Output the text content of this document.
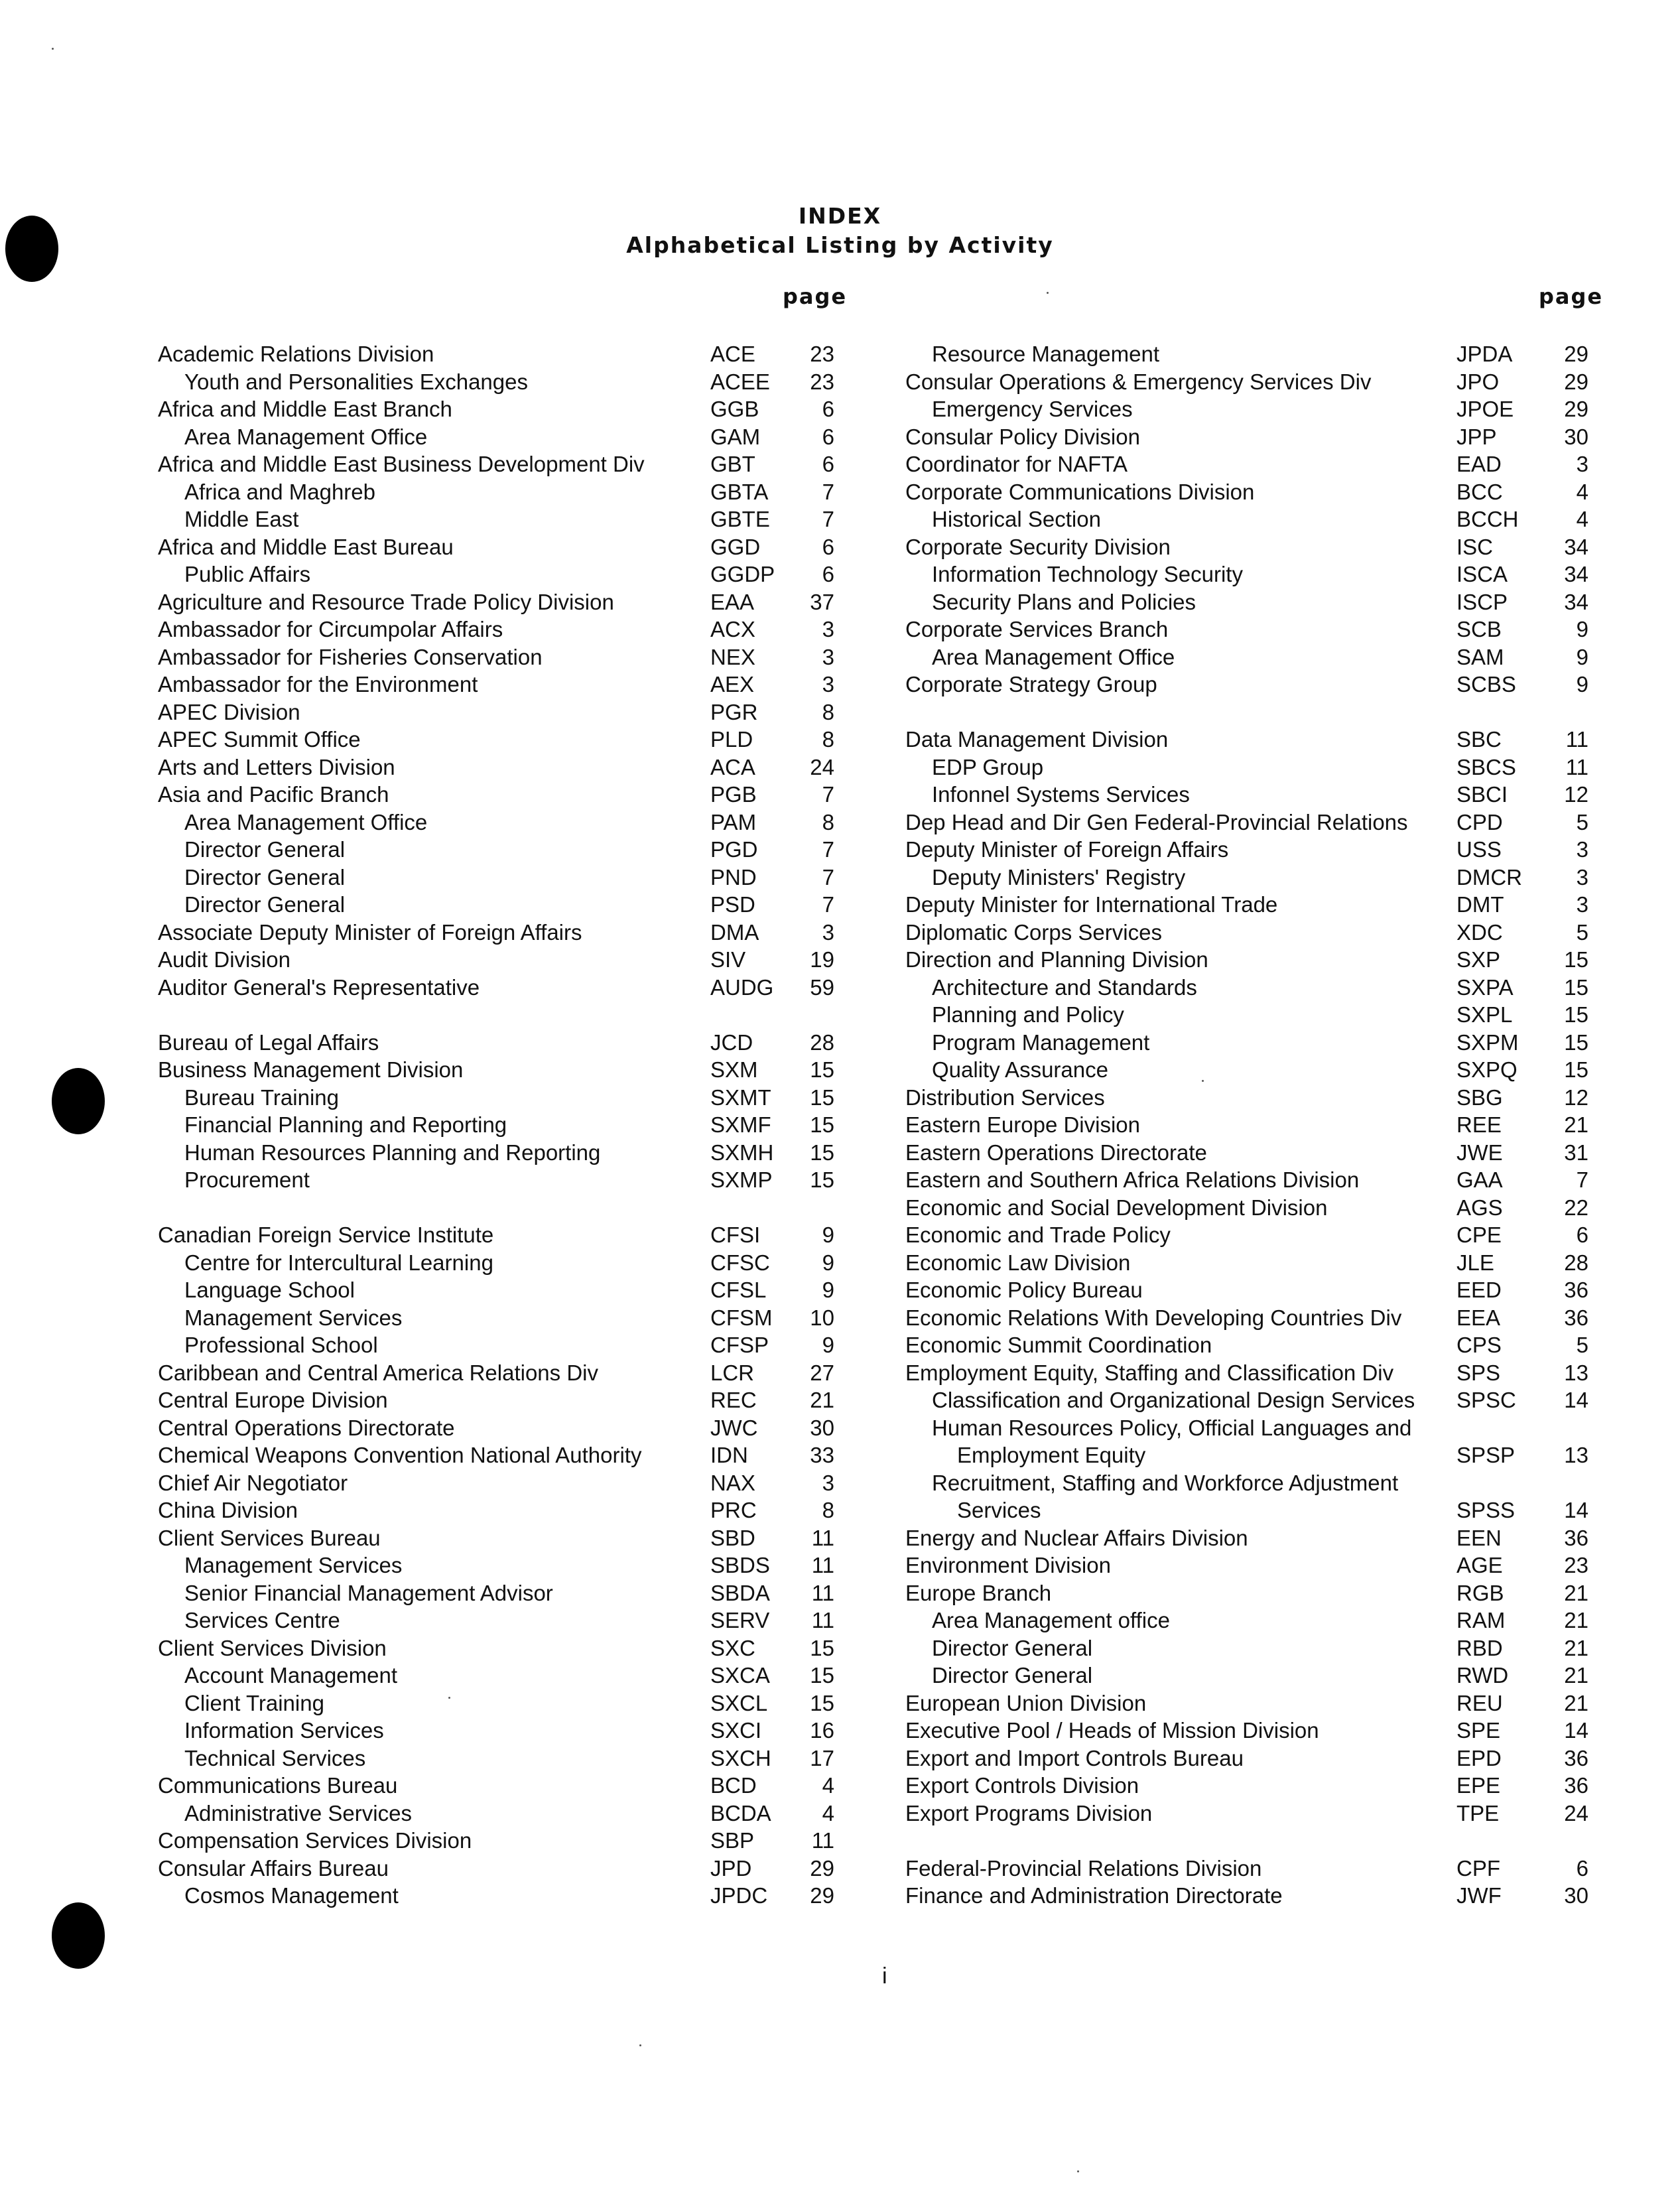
INDEX
Alphabetical Listing by Activity
page	page
Academic Relations Division	ACE	23
Youth and Personalities Exchanges	ACEE	23
Africa and Middle East Branch	GGB	6
Area Management Office	GAM	6
Africa and Middle East Business Development Div	GBT	6
Africa and Maghreb	GBTA	7
Middle East	GBTE	7
Africa and Middle East Bureau	GGD	6
Public Affairs	GGDP	6
Agriculture and Resource Trade Policy Division	EAA	37
Ambassador for Circumpolar Affairs	ACX	3
Ambassador for Fisheries Conservation	NEX	3
Ambassador for the Environment	AEX	3
APEC Division	PGR	8
APEC Summit Office	PLD	8
Arts and Letters Division	ACA	24
Asia and Pacific Branch	PGB	7
Area Management Office	PAM	8
Director General	PGD	7
Director General	PND	7
Director General	PSD	7
Associate Deputy Minister of Foreign Affairs	DMA	3
Audit Division	SIV	19
Auditor General's Representative	AUDG	59
Bureau of Legal Affairs	JCD	28
Business Management Division	SXM	15
Bureau Training	SXMT	15
Financial Planning and Reporting	SXMF	15
Human Resources Planning and Reporting	SXMH	15
Procurement	SXMP	15
Canadian Foreign Service Institute	CFSI	9
Centre for Intercultural Learning	CFSC	9
Language School	CFSL	9
Management Services	CFSM	10
Professional School	CFSP	9
Caribbean and Central America Relations Div	LCR	27
Central Europe Division	REC	21
Central Operations Directorate	JWC	30
Chemical Weapons Convention National Authority	IDN	33
Chief Air Negotiator	NAX	3
China Division	PRC	8
Client Services Bureau	SBD	11
Management Services	SBDS	11
Senior Financial Management Advisor	SBDA	11
Services Centre	SERV	11
Client Services Division	SXC	15
Account Management	SXCA	15
Client Training	SXCL	15
Information Services	SXCI	16
Technical Services	SXCH	17
Communications Bureau	BCD	4
Administrative Services	BCDA	4
Compensation Services Division	SBP	11
Consular Affairs Bureau	JPD	29
Cosmos Management	JPDC	29
Resource Management	JPDA	29
Consular Operations & Emergency Services Div	JPO	29
Emergency Services	JPOE	29
Consular Policy Division	JPP	30
Coordinator for NAFTA	EAD	3
Corporate Communications Division	BCC	4
Historical Section	BCCH	4
Corporate Security Division	ISC	34
Information Technology Security	ISCA	34
Security Plans and Policies	ISCP	34
Corporate Services Branch	SCB	9
Area Management Office	SAM	9
Corporate Strategy Group	SCBS	9
Data Management Division	SBC	11
EDP Group	SBCS	11
Infonnel Systems Services	SBCI	12
Dep Head and Dir Gen Federal-Provincial Relations CPD	5
Deputy Minister of Foreign Affairs	USS	3
Deputy Ministers' Registry	DMCR	3
Deputy Minister for International Trade	DMT	3
Diplomatic Corps Services	XDC	5
Direction and Planning Division	SXP	15
Architecture and Standards	SXPA	15
Planning and Policy	SXPL	15
Program Management	SXPM	15
Quality Assurance	SXPQ	15
Distribution Services	SBG	12
Eastern Europe Division	REE	21
Eastern Operations Directorate	JWE	31
Eastern and Southern Africa Relations Division	GAA	7
Economic and Social Development Division	AGS	22
Economic and Trade Policy	CPE	6
Economic Law Division	JLE	28
Economic Policy Bureau	EED	36
Economic Relations With Developing Countries Div	EEA	36
Economic Summit Coordination	CPS	5
Employment Equity, Staffing and Classification Div	SPS	13
Classification and Organizational Design Services SPSC	14
Human Resources Policy, Official Languages and
Employment Equity	SPSP	13
Recruitment, Staffing and Workforce Adjustment
Services	SPSS	14
Energy and Nuclear Affairs Division	EEN	36
Environment Division	AGE	23
Europe Branch	RGB	21
Area Management office	RAM	21
Director General	RBD	21
Director General	RWD	21
European Union Division	REU	21
Executive Pool / Heads of Mission Division	SPE	14
Export and Import Controls Bureau	EPD	36
Export Controls Division	EPE	36
Export Programs Division	TPE	24
Federal-Provincial Relations Division	CPF	6
Finance and Administration Directorate	JWF	30
i
